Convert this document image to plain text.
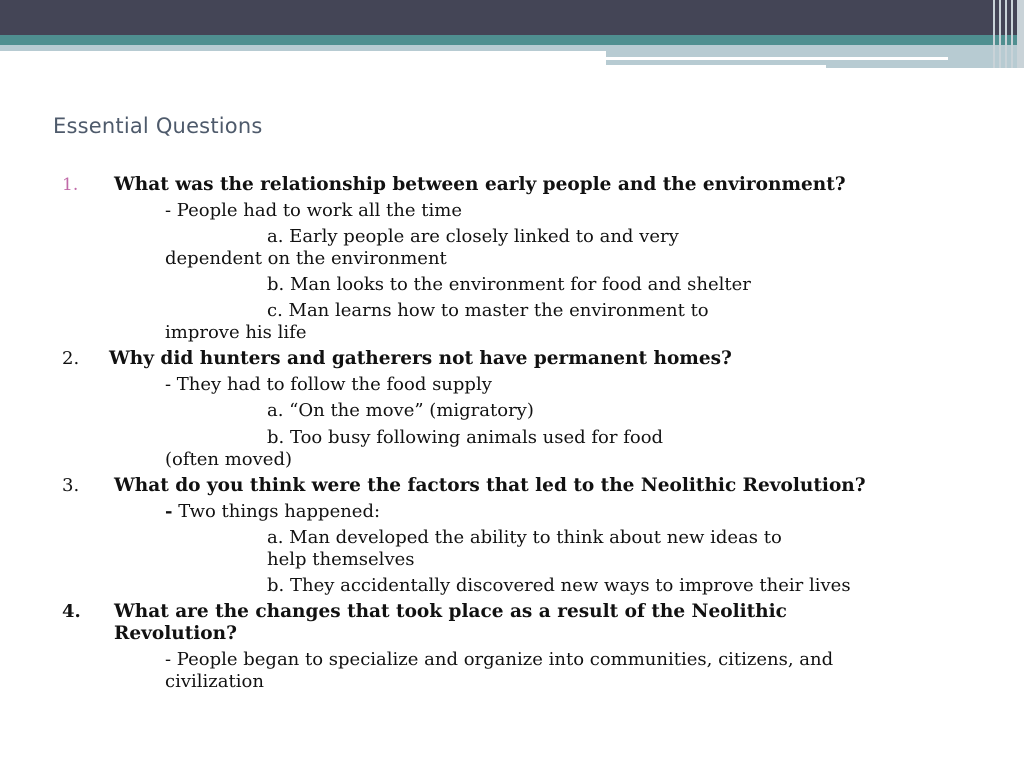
Essential Questions
1. What was the relationship between early people and the environment?
- People had to work all the time
a. Early people are closely linked to and very
dependent on the environment
b. Man looks to the environment for food and shelter
c. Man learns how to master the environment to
improve his life
2. Why did hunters and gatherers not have permanent homes?
- They had to follow the food supply
a. “On the move” (migratory)
b. Too busy following animals used for food
(often moved)
3. What do you think were the factors that led to the Neolithic Revolution?
- Two things happened:
a. Man developed the ability to think about new ideas to
help themselves
b. They accidentally discovered new ways to improve their lives
4. What are the changes that took place as a result of the Neolithic
Revolution?
- People began to specialize and organize into communities, citizens, and
civilization
